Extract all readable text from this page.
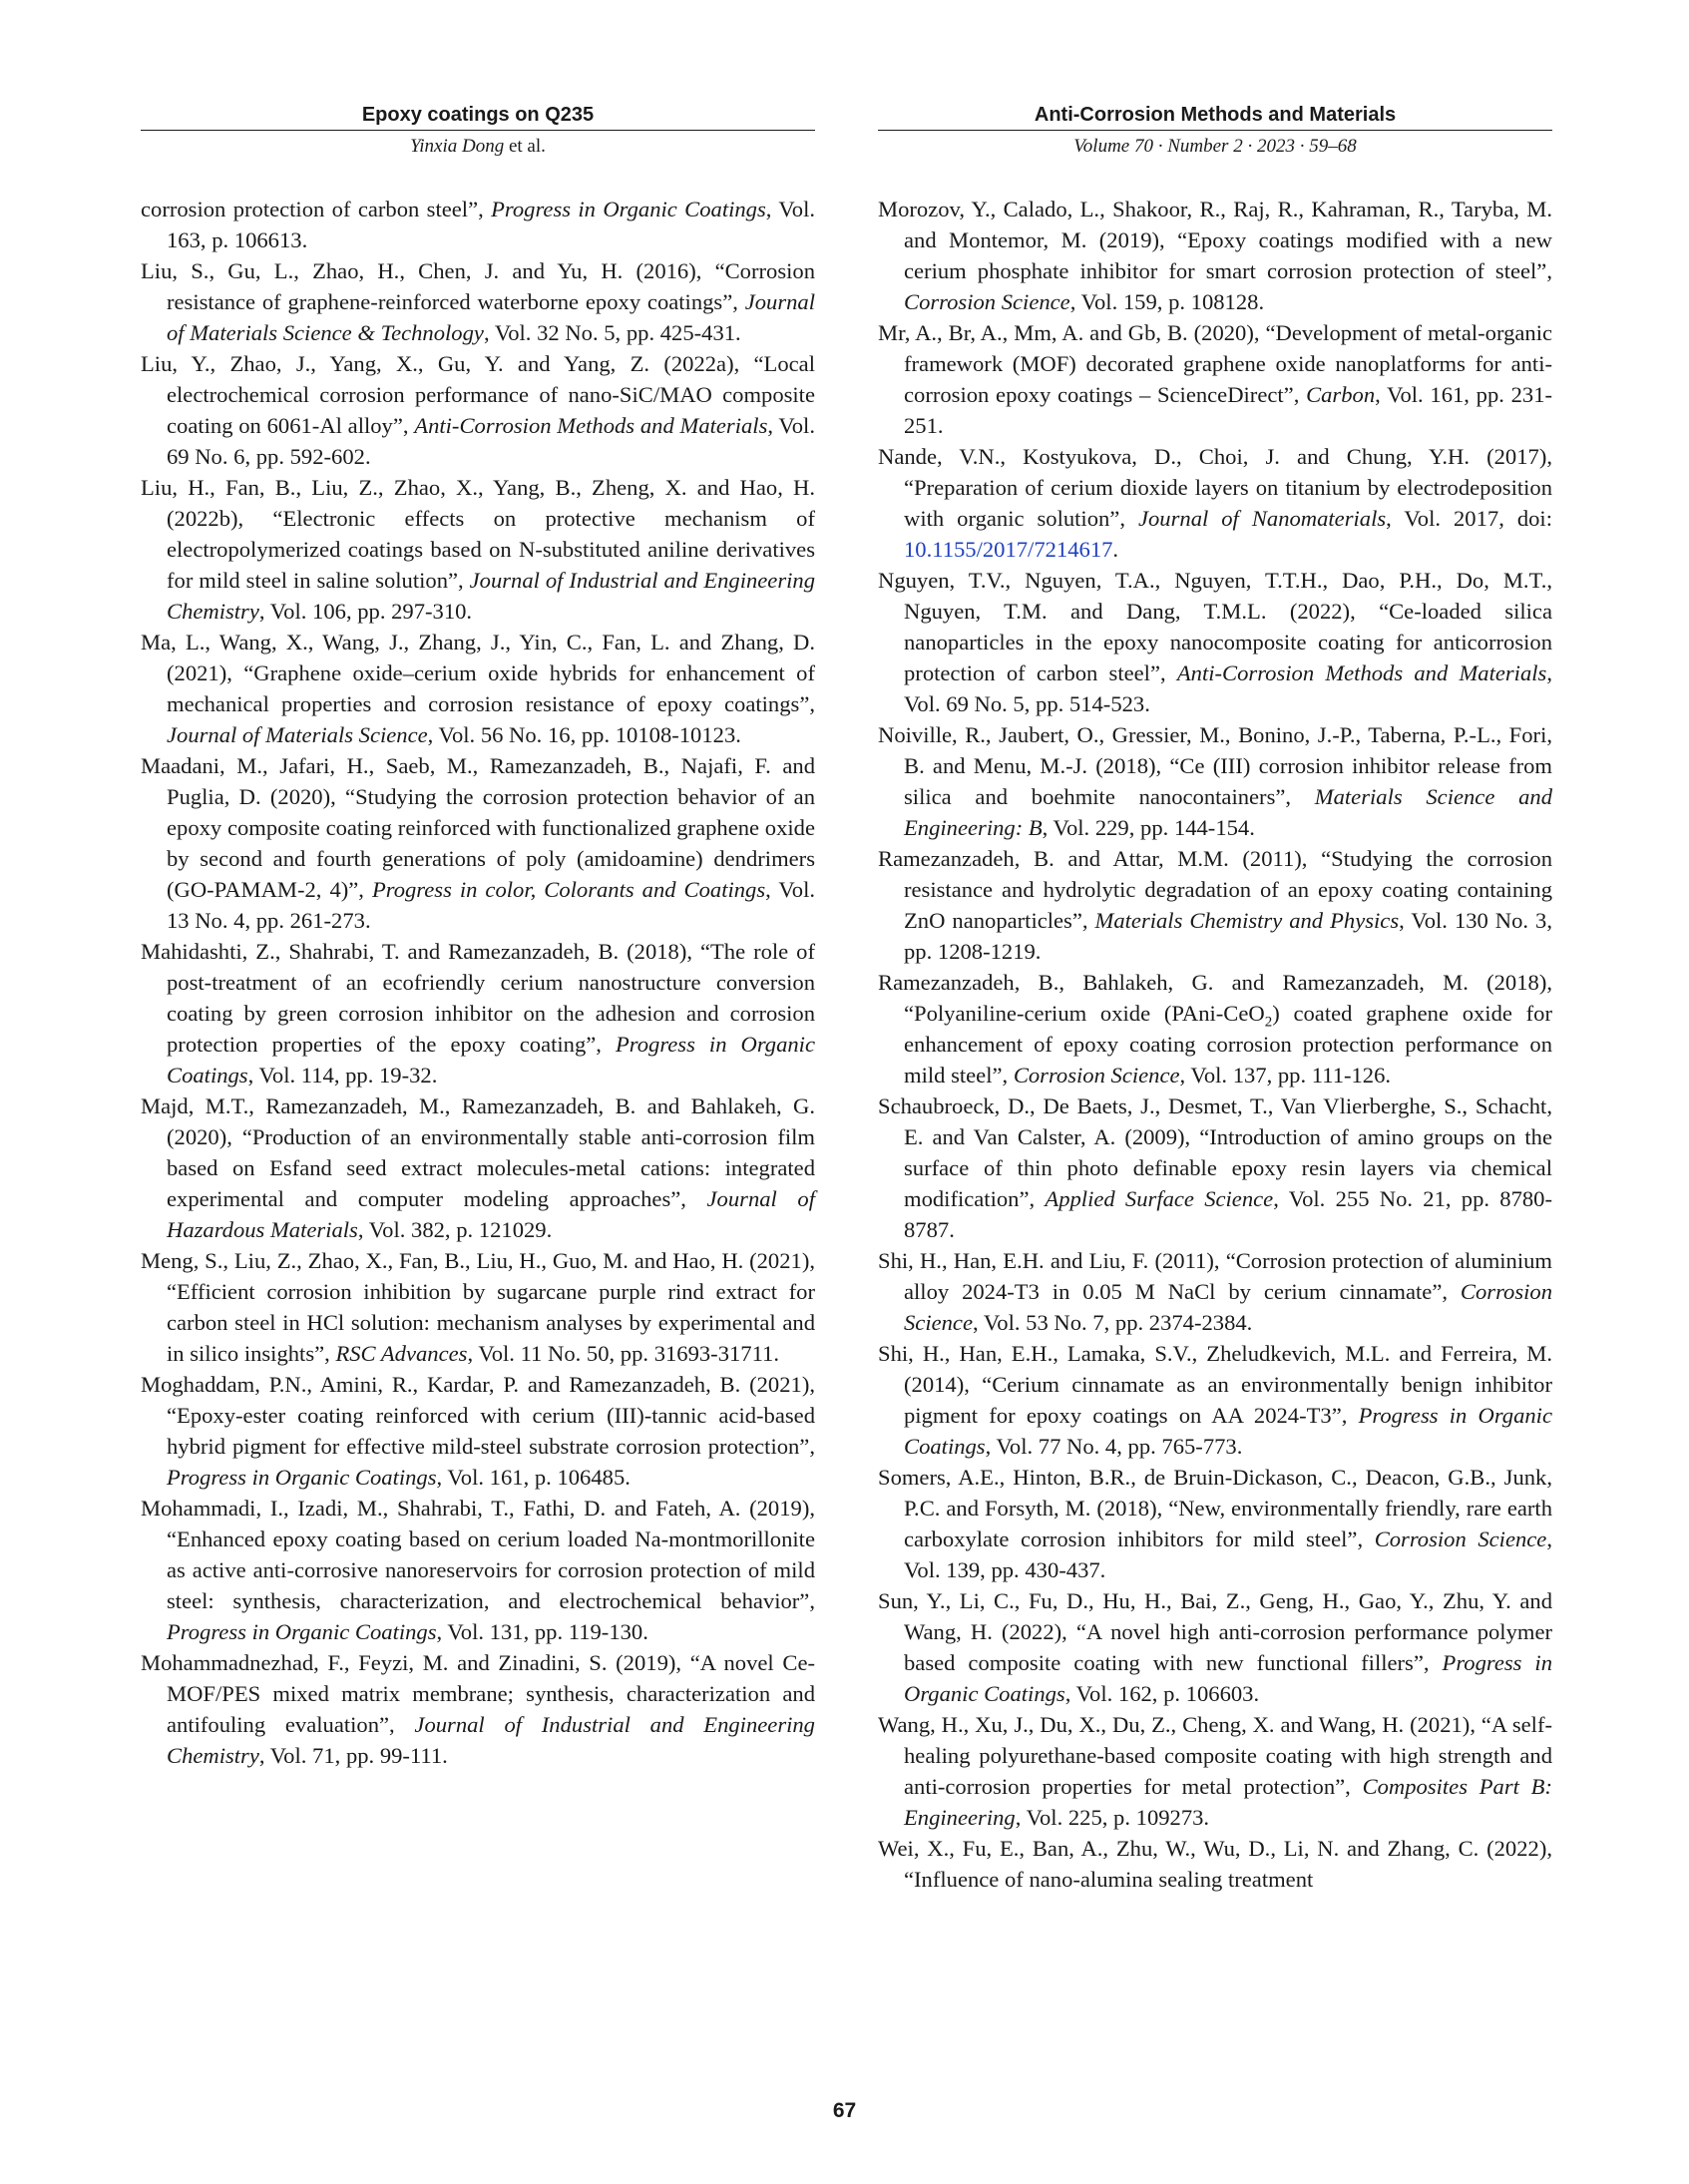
Epoxy coatings on Q235
Yinxia Dong et al.
Anti-Corrosion Methods and Materials
Volume 70 · Number 2 · 2023 · 59–68

corrosion protection of carbon steel”, Progress in Organic Coatings, Vol. 163, p. 106613.

Liu, S., Gu, L., Zhao, H., Chen, J. and Yu, H. (2016), “Corrosion resistance of graphene-reinforced waterborne epoxy coatings”, Journal of Materials Science & Technology, Vol. 32 No. 5, pp. 425-431.

Liu, Y., Zhao, J., Yang, X., Gu, Y. and Yang, Z. (2022a), “Local electrochemical corrosion performance of nano-SiC/MAO composite coating on 6061-Al alloy”, Anti-Corrosion Methods and Materials, Vol. 69 No. 6, pp. 592-602.

Liu, H., Fan, B., Liu, Z., Zhao, X., Yang, B., Zheng, X. and Hao, H. (2022b), “Electronic effects on protective mechanism of electropolymerized coatings based on N-substituted aniline derivatives for mild steel in saline solution”, Journal of Industrial and Engineering Chemistry, Vol. 106, pp. 297-310.

Ma, L., Wang, X., Wang, J., Zhang, J., Yin, C., Fan, L. and Zhang, D. (2021), “Graphene oxide–cerium oxide hybrids for enhancement of mechanical properties and corrosion resistance of epoxy coatings”, Journal of Materials Science, Vol. 56 No. 16, pp. 10108-10123.

Maadani, M., Jafari, H., Saeb, M., Ramezanzadeh, B., Najafi, F. and Puglia, D. (2020), “Studying the corrosion protection behavior of an epoxy composite coating reinforced with functionalized graphene oxide by second and fourth generations of poly (amidoamine) dendrimers (GO-PAMAM-2, 4)”, Progress in color, Colorants and Coatings, Vol. 13 No. 4, pp. 261-273.

Mahidashti, Z., Shahrabi, T. and Ramezanzadeh, B. (2018), “The role of post-treatment of an ecofriendly cerium nanostructure conversion coating by green corrosion inhibitor on the adhesion and corrosion protection properties of the epoxy coating”, Progress in Organic Coatings, Vol. 114, pp. 19-32.

Majd, M.T., Ramezanzadeh, M., Ramezanzadeh, B. and Bahlakeh, G. (2020), “Production of an environmentally stable anti-corrosion film based on Esfand seed extract molecules-metal cations: integrated experimental and computer modeling approaches”, Journal of Hazardous Materials, Vol. 382, p. 121029.

Meng, S., Liu, Z., Zhao, X., Fan, B., Liu, H., Guo, M. and Hao, H. (2021), “Efficient corrosion inhibition by sugarcane purple rind extract for carbon steel in HCl solution: mechanism analyses by experimental and in silico insights”, RSC Advances, Vol. 11 No. 50, pp. 31693-31711.

Moghaddam, P.N., Amini, R., Kardar, P. and Ramezanzadeh, B. (2021), “Epoxy-ester coating reinforced with cerium (III)-tannic acid-based hybrid pigment for effective mild-steel substrate corrosion protection”, Progress in Organic Coatings, Vol. 161, p. 106485.

Mohammadi, I., Izadi, M., Shahrabi, T., Fathi, D. and Fateh, A. (2019), “Enhanced epoxy coating based on cerium loaded Na-montmorillonite as active anti-corrosive nanoreservoirs for corrosion protection of mild steel: synthesis, characterization, and electrochemical behavior”, Progress in Organic Coatings, Vol. 131, pp. 119-130.

Mohammadnezhad, F., Feyzi, M. and Zinadini, S. (2019), “A novel Ce-MOF/PES mixed matrix membrane; synthesis, characterization and antifouling evaluation”, Journal of Industrial and Engineering Chemistry, Vol. 71, pp. 99-111.

Morozov, Y., Calado, L., Shakoor, R., Raj, R., Kahraman, R., Taryba, M. and Montemor, M. (2019), “Epoxy coatings modified with a new cerium phosphate inhibitor for smart corrosion protection of steel”, Corrosion Science, Vol. 159, p. 108128.

Mr, A., Br, A., Mm, A. and Gb, B. (2020), “Development of metal-organic framework (MOF) decorated graphene oxide nanoplatforms for anti-corrosion epoxy coatings – ScienceDirect”, Carbon, Vol. 161, pp. 231-251.

Nande, V.N., Kostyukova, D., Choi, J. and Chung, Y.H. (2017), “Preparation of cerium dioxide layers on titanium by electrodeposition with organic solution”, Journal of Nanomaterials, Vol. 2017, doi: 10.1155/2017/7214617.

Nguyen, T.V., Nguyen, T.A., Nguyen, T.T.H., Dao, P.H., Do, M.T., Nguyen, T.M. and Dang, T.M.L. (2022), “Ce-loaded silica nanoparticles in the epoxy nanocomposite coating for anticorrosion protection of carbon steel”, Anti-Corrosion Methods and Materials, Vol. 69 No. 5, pp. 514-523.

Noiville, R., Jaubert, O., Gressier, M., Bonino, J.-P., Taberna, P.-L., Fori, B. and Menu, M.-J. (2018), “Ce (III) corrosion inhibitor release from silica and boehmite nanocontainers”, Materials Science and Engineering: B, Vol. 229, pp. 144-154.

Ramezanzadeh, B. and Attar, M.M. (2011), “Studying the corrosion resistance and hydrolytic degradation of an epoxy coating containing ZnO nanoparticles”, Materials Chemistry and Physics, Vol. 130 No. 3, pp. 1208-1219.

Ramezanzadeh, B., Bahlakeh, G. and Ramezanzadeh, M. (2018), “Polyaniline-cerium oxide (PAni-CeO$_2$) coated graphene oxide for enhancement of epoxy coating corrosion protection performance on mild steel”, Corrosion Science, Vol. 137, pp. 111-126.

Schaubroeck, D., De Baets, J., Desmet, T., Van Vlierberghe, S., Schacht, E. and Van Calster, A. (2009), “Introduction of amino groups on the surface of thin photo definable epoxy resin layers via chemical modification”, Applied Surface Science, Vol. 255 No. 21, pp. 8780-8787.

Shi, H., Han, E.H. and Liu, F. (2011), “Corrosion protection of aluminium alloy 2024-T3 in 0.05 M NaCl by cerium cinnamate”, Corrosion Science, Vol. 53 No. 7, pp. 2374-2384.

Shi, H., Han, E.H., Lamaka, S.V., Zheludkevich, M.L. and Ferreira, M. (2014), “Cerium cinnamate as an environmentally benign inhibitor pigment for epoxy coatings on AA 2024-T3”, Progress in Organic Coatings, Vol. 77 No. 4, pp. 765-773.

Somers, A.E., Hinton, B.R., de Bruin-Dickason, C., Deacon, G.B., Junk, P.C. and Forsyth, M. (2018), “New, environmentally friendly, rare earth carboxylate corrosion inhibitors for mild steel”, Corrosion Science, Vol. 139, pp. 430-437.

Sun, Y., Li, C., Fu, D., Hu, H., Bai, Z., Geng, H., Gao, Y., Zhu, Y. and Wang, H. (2022), “A novel high anti-corrosion performance polymer based composite coating with new functional fillers”, Progress in Organic Coatings, Vol. 162, p. 106603.

Wang, H., Xu, J., Du, X., Du, Z., Cheng, X. and Wang, H. (2021), “A self-healing polyurethane-based composite coating with high strength and anti-corrosion properties for metal protection”, Composites Part B: Engineering, Vol. 225, p. 109273.

Wei, X., Fu, E., Ban, A., Zhu, W., Wu, D., Li, N. and Zhang, C. (2022), “Influence of nano-alumina sealing treatment

67
